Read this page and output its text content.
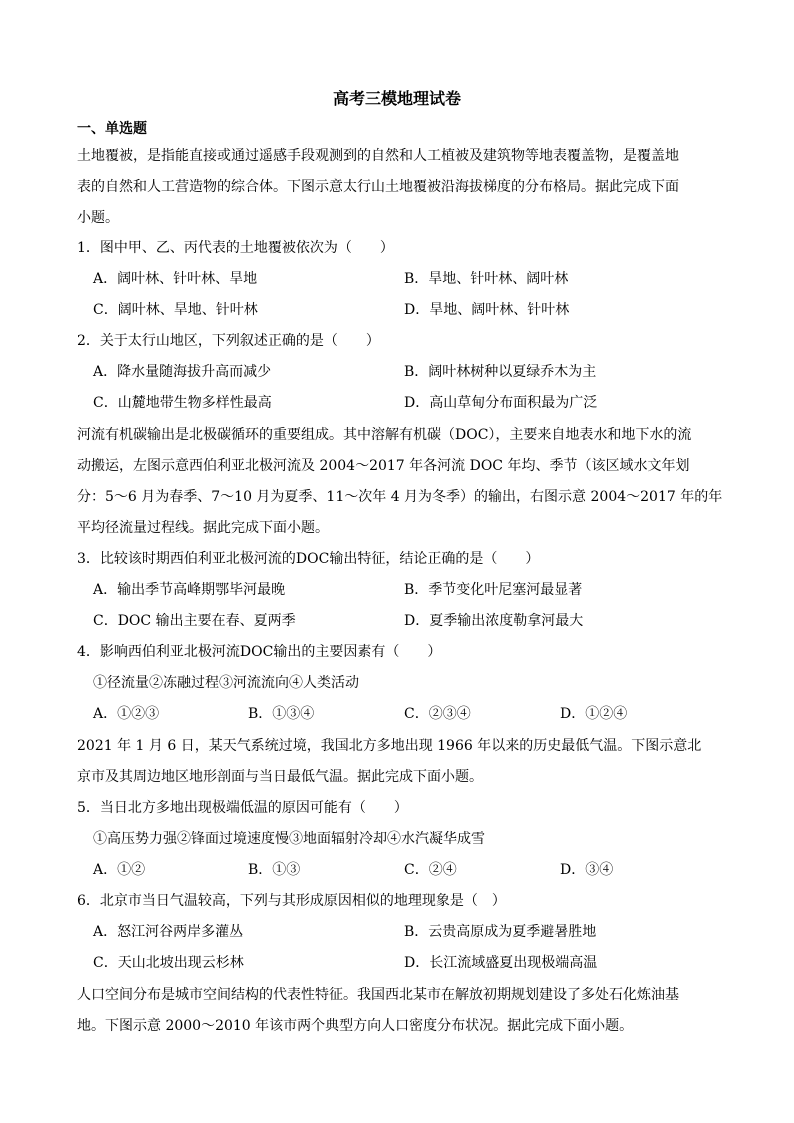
高考三模地理试卷
一、单选题
土地覆被，是指能直接或通过遥感手段观测到的自然和人工植被及建筑物等地表覆盖物，是覆盖地
表的自然和人工营造物的综合体。下图示意太行山土地覆被沿海拔梯度的分布格局。据此完成下面
小题。
1．图中甲、乙、丙代表的土地覆被依次为（　　）
A．阔叶林、针叶林、旱地	B．旱地、针叶林、阔叶林
C．阔叶林、旱地、针叶林	D．旱地、阔叶林、针叶林
2．关于太行山地区，下列叙述正确的是（　　）
A．降水量随海拔升高而减少	B．阔叶林树种以夏绿乔木为主
C．山麓地带生物多样性最高	D．高山草甸分布面积最为广泛
河流有机碳输出是北极碳循环的重要组成。其中溶解有机碳（DOC），主要来自地表水和地下水的流
动搬运，左图示意西伯利亚北极河流及 2004～2017 年各河流 DOC 年均、季节（该区域水文年划
分：5～6 月为春季、7～10 月为夏季、11～次年 4 月为冬季）的输出，右图示意 2004～2017 年的年
平均径流量过程线。据此完成下面小题。
3．比较该时期西伯利亚北极河流的DOC输出特征，结论正确的是（　　）
A．输出季节高峰期鄂毕河最晚	B．季节变化叶尼塞河最显著
C．DOC 输出主要在春、夏两季	D．夏季输出浓度勒拿河最大
4．影响西伯利亚北极河流DOC输出的主要因素有（　　）
①径流量②冻融过程③河流流向④人类活动
A．①②③	B．①③④	C．②③④	D．①②④
2021 年 1 月 6 日，某天气系统过境，我国北方多地出现 1966 年以来的历史最低气温。下图示意北
京市及其周边地区地形剖面与当日最低气温。据此完成下面小题。
5．当日北方多地出现极端低温的原因可能有（　　）
①高压势力强②锋面过境速度慢③地面辐射冷却④水汽凝华成雪
A．①②	B．①③	C．②④	D．③④
6．北京市当日气温较高，下列与其形成原因相似的地理现象是（　）
A．怒江河谷两岸多灌丛	B．云贵高原成为夏季避暑胜地
C．天山北坡出现云杉林	D．长江流域盛夏出现极端高温
人口空间分布是城市空间结构的代表性特征。我国西北某市在解放初期规划建设了多处石化炼油基
地。下图示意 2000～2010 年该市两个典型方向人口密度分布状况。据此完成下面小题。
